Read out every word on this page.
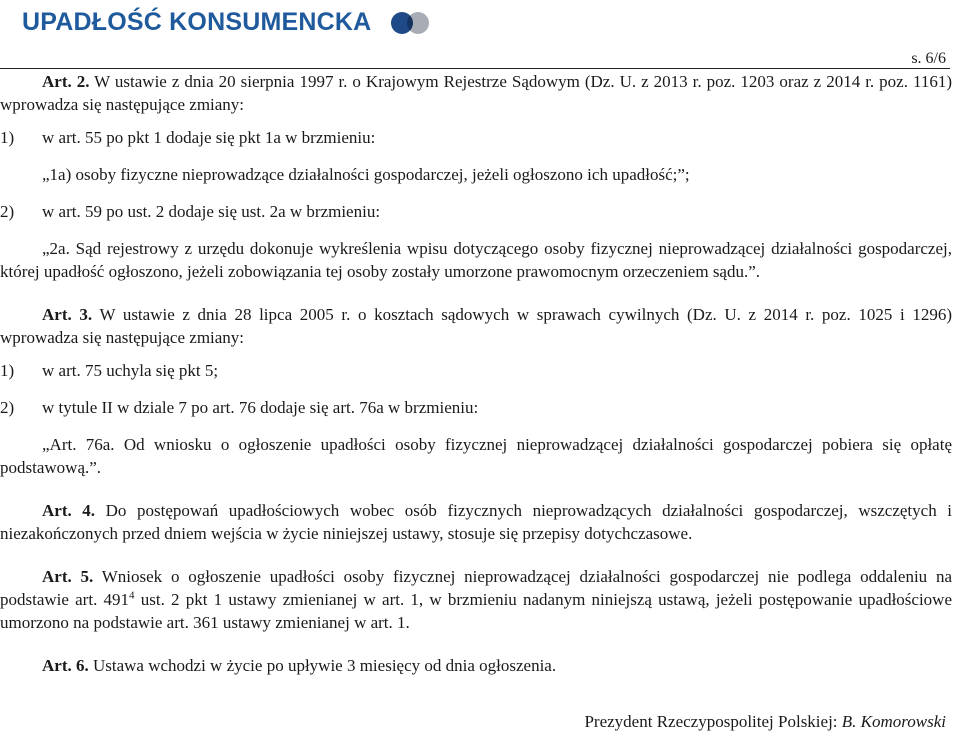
UPADŁOŚĆ KONSUMENCKA
s. 6/6

Art. 2. W ustawie z dnia 20 sierpnia 1997 r. o Krajowym Rejestrze Sądowym (Dz. U. z 2013 r. poz. 1203 oraz z 2014 r. poz. 1161) wprowadza się następujące zmiany:

1)	w art. 55 po pkt 1 dodaje się pkt 1a w brzmieniu:

„1a) osoby fizyczne nieprowadzące działalności gospodarczej, jeżeli ogłoszono ich upadłość;”;

2)	w art. 59 po ust. 2 dodaje się ust. 2a w brzmieniu:

„2a. Sąd rejestrowy z urzędu dokonuje wykreślenia wpisu dotyczącego osoby fizycznej nieprowadzącej działalności gospodarczej, której upadłość ogłoszono, jeżeli zobowiązania tej osoby zostały umorzone prawomocnym orzeczeniem sądu.”.

Art. 3. W ustawie z dnia 28 lipca 2005 r. o kosztach sądowych w sprawach cywilnych (Dz. U. z 2014 r. poz. 1025 i 1296) wprowadza się następujące zmiany:

1)	w art. 75 uchyla się pkt 5;
2)	w tytule II w dziale 7 po art. 76 dodaje się art. 76a w brzmieniu:

„Art. 76a. Od wniosku o ogłoszenie upadłości osoby fizycznej nieprowadzącej działalności gospodarczej pobiera się opłatę podstawową.”.

Art. 4. Do postępowań upadłościowych wobec osób fizycznych nieprowadzących działalności gospodarczej, wszczętych i niezakończonych przed dniem wejścia w życie niniejszej ustawy, stosuje się przepisy dotychczasowe.

Art. 5. Wniosek o ogłoszenie upadłości osoby fizycznej nieprowadzącej działalności gospodarczej nie podlega oddaleniu na podstawie art. $491^4$ ust. 2 pkt 1 ustawy zmienianej w art. 1, w brzmieniu nadanym niniejszą ustawą, jeżeli postępowanie upadłościowe umorzono na podstawie art. 361 ustawy zmienianej w art. 1.

Art. 6. Ustawa wchodzi w życie po upływie 3 miesięcy od dnia ogłoszenia.

Prezydent Rzeczypospolitej Polskiej: B. Komorowski
